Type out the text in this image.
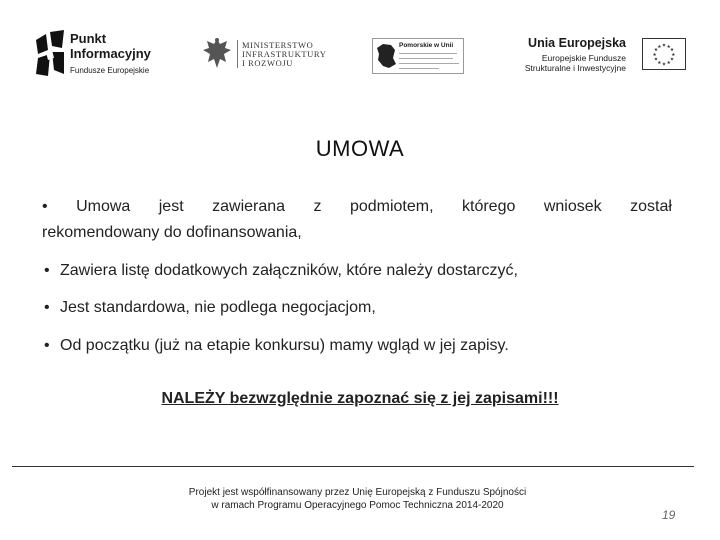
Punkt
Informacyjny
Fundusze Europejskie
MINISTERSTWO
INFRASTRUKTURY
I ROZWOJU
Pomorskie w Unii	Unia Europejska
Europejskie Fundusze
Strukturalne i Inwestycyjne
★ ★
★
★
★
★
★
★
★
★
★
★
UMOWA
• Umowa jest zawierana z podmiotem, którego wniosek został
rekomendowany do dofinansowania,
• Zawiera listę dodatkowych załączników, które należy dostarczyć,
• Jest standardowa, nie podlega negocjacjom,
• Od początku (już na etapie konkursu) mamy wgląd w jej zapisy.
NALEŻY bezwzględnie zapoznać się z jej zapisami!!!
Projekt jest współfinansowany przez Unię Europejską z Funduszu Spójności
w ramach Programu Operacyjnego Pomoc Techniczna 2014-2020
19
